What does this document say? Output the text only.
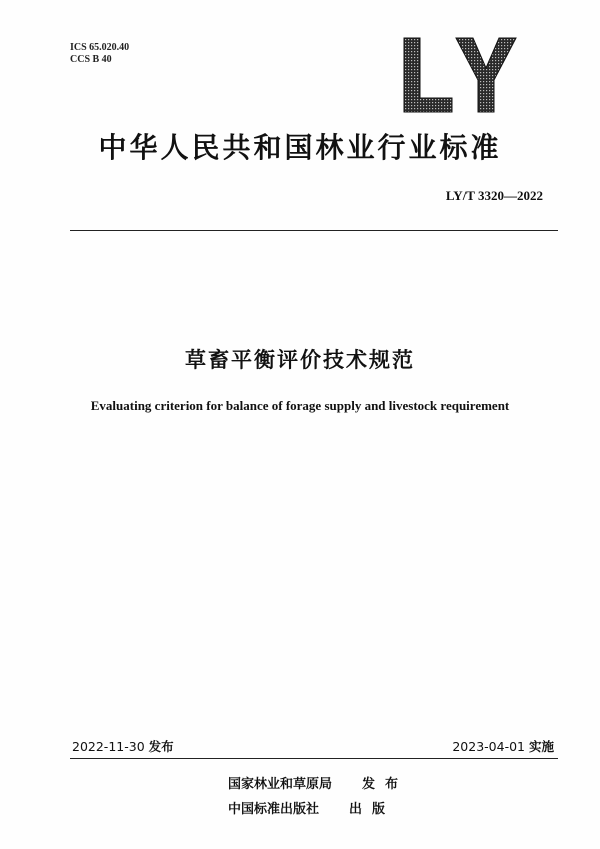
ICS 65.020.40
CCS B 40
中华人民共和国林业行业标准
LY/T 3320—2022
草畜平衡评价技术规范
Evaluating criterion for balance of forage supply and livestock requirement
2022-11-30 发布	2023-04-01 实施
国家林业和草原局 发布
中国标准出版社 出版
